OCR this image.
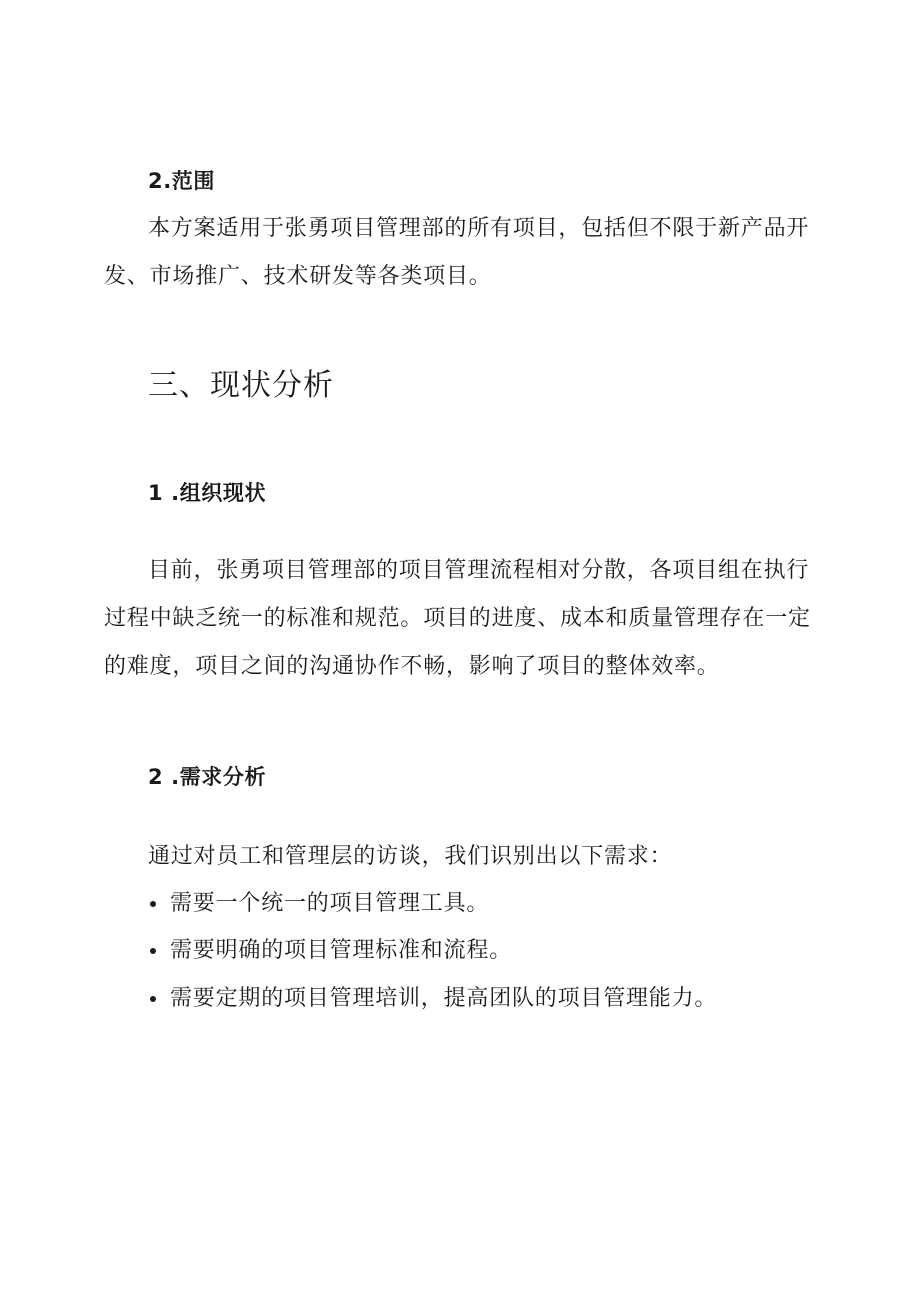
2.范围
本方案适用于张勇项目管理部的所有项目，包括但不限于新产品开
发、市场推广、技术研发等各类项目。
三、现状分析
1 .组织现状
目前，张勇项目管理部的项目管理流程相对分散，各项目组在执行
过程中缺乏统一的标准和规范。项目的进度、成本和质量管理存在一定
的难度，项目之间的沟通协作不畅，影响了项目的整体效率。
2 .需求分析
通过对员工和管理层的访谈，我们识别出以下需求：
需要一个统一的项目管理工具。
需要明确的项目管理标准和流程。
需要定期的项目管理培训，提高团队的项目管理能力。
